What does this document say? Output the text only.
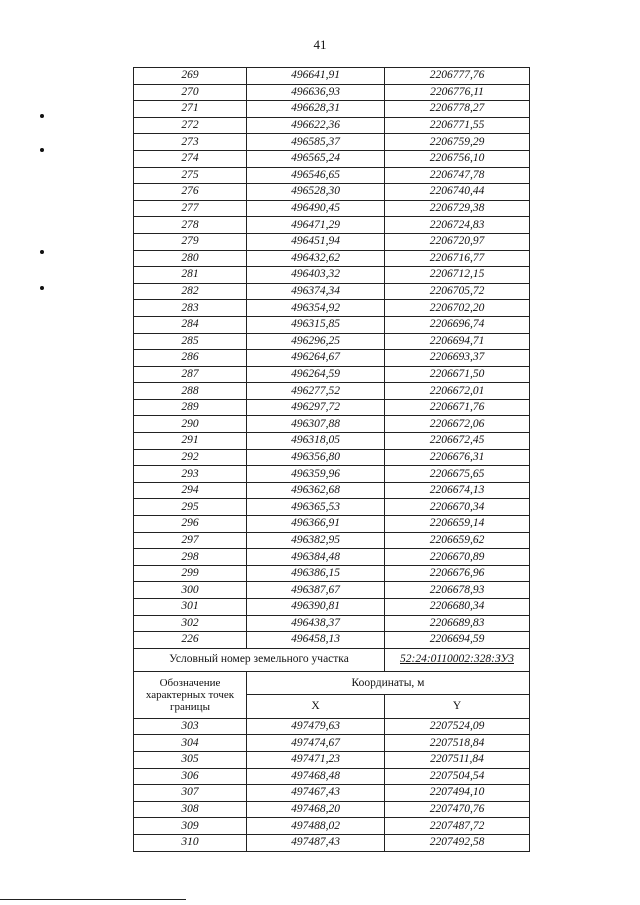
41
269	496641,91	2206777,76
270	496636,93	2206776,11
271	496628,31	2206778,27
272	496622,36	2206771,55
273	496585,37	2206759,29
274	496565,24	2206756,10
275	496546,65	2206747,78
276	496528,30	2206740,44
277	496490,45	2206729,38
278	496471,29	2206724,83
279	496451,94	2206720,97
280	496432,62	2206716,77
281	496403,32	2206712,15
282	496374,34	2206705,72
283	496354,92	2206702,20
284	496315,85	2206696,74
285	496296,25	2206694,71
286	496264,67	2206693,37
287	496264,59	2206671,50
288	496277,52	2206672,01
289	496297,72	2206671,76
290	496307,88	2206672,06
291	496318,05	2206672,45
292	496356,80	2206676,31
293	496359,96	2206675,65
294	496362,68	2206674,13
295	496365,53	2206670,34
296	496366,91	2206659,14
297	496382,95	2206659,62
298	496384,48	2206670,89
299	496386,15	2206676,96
300	496387,67	2206678,93
301	496390,81	2206680,34
302	496438,37	2206689,83
226	496458,13	2206694,59
Условный номер земельного участка		52:24:0110002:328:ЗУ3
Обозначение характерных точек границы	Координаты, м	
	X	Y
303	497479,63	2207524,09
304	497474,67	2207518,84
305	497471,23	2207511,84
306	497468,48	2207504,54
307	497467,43	2207494,10
308	497468,20	2207470,76
309	497488,02	2207487,72
310	497487,43	2207492,58
